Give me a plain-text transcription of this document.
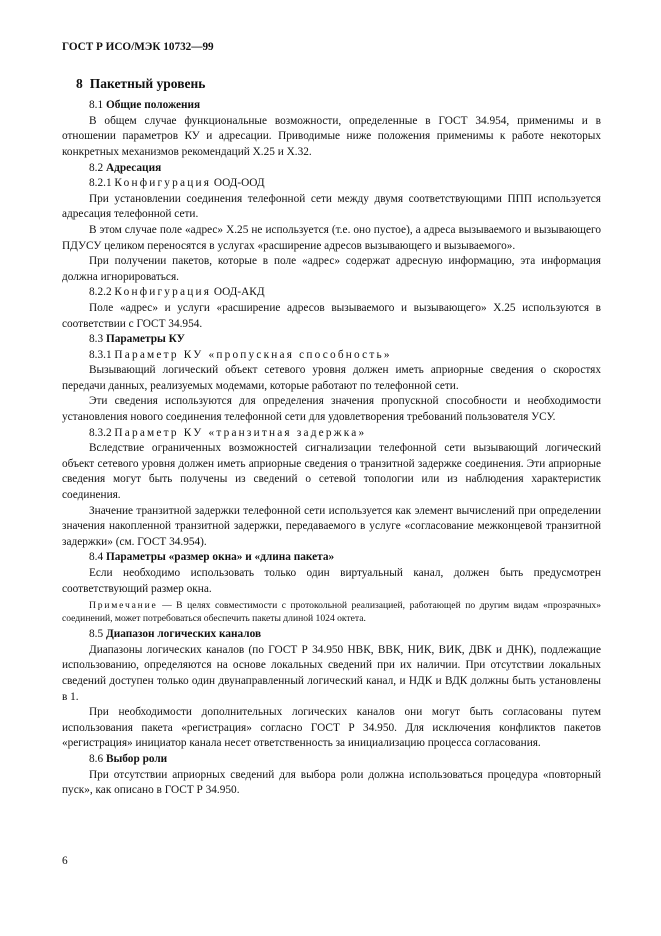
ГОСТ Р ИСО/МЭК 10732—99
8 Пакетный уровень
8.1 Общие положения

В общем случае функциональные возможности, определенные в ГОСТ 34.954, применимы и в отношении параметров КУ и адресации. Приводимые ниже положения применимы к работе некоторых конкретных механизмов рекомендаций X.25 и X.32.

8.2 Адресация
8.2.1 Конфигурация ООД-ООД

При установлении соединения телефонной сети между двумя соответствующими ППП используется адресация телефонной сети.

В этом случае поле «адрес» X.25 не используется (т.е. оно пустое), а адреса вызываемого и вызывающего ПДУСУ целиком переносятся в услугах «расширение адресов вызывающего и вызываемого».

При получении пакетов, которые в поле «адрес» содержат адресную информацию, эта информация должна игнорироваться.

8.2.2 Конфигурация ООД-АКД

Поле «адрес» и услуги «расширение адресов вызываемого и вызывающего» X.25 используются в соответствии с ГОСТ 34.954.

8.3 Параметры КУ
8.3.1 Параметр КУ «пропускная способность»

Вызывающий логический объект сетевого уровня должен иметь априорные сведения о скоростях передачи данных, реализуемых модемами, которые работают по телефонной сети.

Эти сведения используются для определения значения пропускной способности и необходимости установления нового соединения телефонной сети для удовлетворения требований пользователя УСУ.

8.3.2 Параметр КУ «транзитная задержка»

Вследствие ограниченных возможностей сигнализации телефонной сети вызывающий логический объект сетевого уровня должен иметь априорные сведения о транзитной задержке соединения. Эти априорные сведения могут быть получены из сведений о сетевой топологии или из наблюдения характеристик соединения.

Значение транзитной задержки телефонной сети используется как элемент вычислений при определении значения накопленной транзитной задержки, передаваемого в услуге «согласование межконцевой транзитной задержки» (см. ГОСТ 34.954).

8.4 Параметры «размер окна» и «длина пакета»

Если необходимо использовать только один виртуальный канал, должен быть предусмотрен соответствующий размер окна.

Примечание — В целях совместимости с протокольной реализацией, работающей по другим видам «прозрачных» соединений, может потребоваться обеспечить пакеты длиной 1024 октета.

8.5 Диапазон логических каналов

Диапазоны логических каналов (по ГОСТ Р 34.950 НВК, ВВК, НИК, ВИК, ДВК и ДНК), подлежащие использованию, определяются на основе локальных сведений при их наличии. При отсутствии локальных сведений доступен только один двунаправленный логический канал, и НДК и ВДК должны быть установлены в 1.

При необходимости дополнительных логических каналов они могут быть согласованы путем использования пакета «регистрация» согласно ГОСТ Р 34.950. Для исключения конфликтов пакетов «регистрация» инициатор канала несет ответственность за инициализацию процесса согласования.

8.6 Выбор роли

При отсутствии априорных сведений для выбора роли должна использоваться процедура «повторный пуск», как описано в ГОСТ Р 34.950.

6
